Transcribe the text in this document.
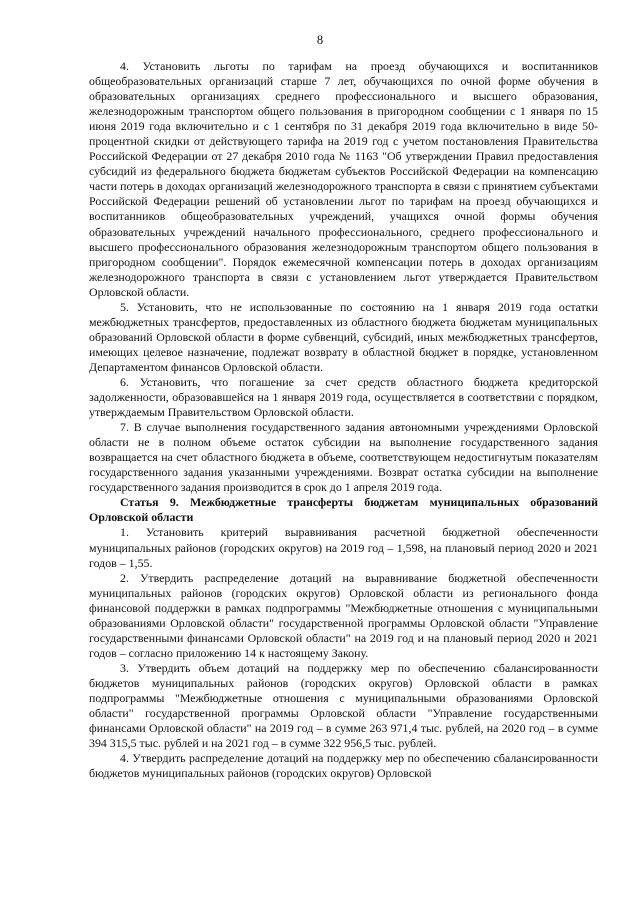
8

4. Установить льготы по тарифам на проезд обучающихся и воспитанников общеобразовательных организаций старше 7 лет, обучающихся по очной форме обучения в образовательных организациях среднего профессионального и высшего образования, железнодорожным транспортом общего пользования в пригородном сообщении с 1 января по 15 июня 2019 года включительно и с 1 сентября по 31 декабря 2019 года включительно в виде 50-процентной скидки от действующего тарифа на 2019 год с учетом постановления Правительства Российской Федерации от 27 декабря 2010 года № 1163 "Об утверждении Правил предоставления субсидий из федерального бюджета бюджетам субъектов Российской Федерации на компенсацию части потерь в доходах организаций железнодорожного транспорта в связи с принятием субъектами Российской Федерации решений об установлении льгот по тарифам на проезд обучающихся и воспитанников общеобразовательных учреждений, учащихся очной формы обучения образовательных учреждений начального профессионального, среднего профессионального и высшего профессионального образования железнодорожным транспортом общего пользования в пригородном сообщении". Порядок ежемесячной компенсации потерь в доходах организациям железнодорожного транспорта в связи с установлением льгот утверждается Правительством Орловской области.

5. Установить, что не использованные по состоянию на 1 января 2019 года остатки межбюджетных трансфертов, предоставленных из областного бюджета бюджетам муниципальных образований Орловской области в форме субвенций, субсидий, иных межбюджетных трансфертов, имеющих целевое назначение, подлежат возврату в областной бюджет в порядке, установленном Департаментом финансов Орловской области.

6. Установить, что погашение за счет средств областного бюджета кредиторской задолженности, образовавшейся на 1 января 2019 года, осуществляется в соответствии с порядком, утверждаемым Правительством Орловской области.

7. В случае выполнения государственного задания автономными учреждениями Орловской области не в полном объеме остаток субсидии на выполнение государственного задания возвращается на счет областного бюджета в объеме, соответствующем недостигнутым показателям государственного задания указанными учреждениями. Возврат остатка субсидии на выполнение государственного задания производится в срок до 1 апреля 2019 года.

Статья 9. Межбюджетные трансферты бюджетам муниципальных образований Орловской области

1. Установить критерий выравнивания расчетной бюджетной обеспеченности муниципальных районов (городских округов) на 2019 год – 1,598, на плановый период 2020 и 2021 годов – 1,55.

2. Утвердить распределение дотаций на выравнивание бюджетной обеспеченности муниципальных районов (городских округов) Орловской области из регионального фонда финансовой поддержки в рамках подпрограммы "Межбюджетные отношения с муниципальными образованиями Орловской области" государственной программы Орловской области "Управление государственными финансами Орловской области" на 2019 год и на плановый период 2020 и 2021 годов – согласно приложению 14 к настоящему Закону.

3. Утвердить объем дотаций на поддержку мер по обеспечению сбалансированности бюджетов муниципальных районов (городских округов) Орловской области в рамках подпрограммы "Межбюджетные отношения с муниципальными образованиями Орловской области" государственной программы Орловской области "Управление государственными финансами Орловской области" на 2019 год – в сумме 263 971,4 тыс. рублей, на 2020 год – в сумме 394 315,5 тыс. рублей и на 2021 год – в сумме 322 956,5 тыс. рублей.

4. Утвердить распределение дотаций на поддержку мер по обеспечению сбалансированности бюджетов муниципальных районов (городских округов) Орловской
